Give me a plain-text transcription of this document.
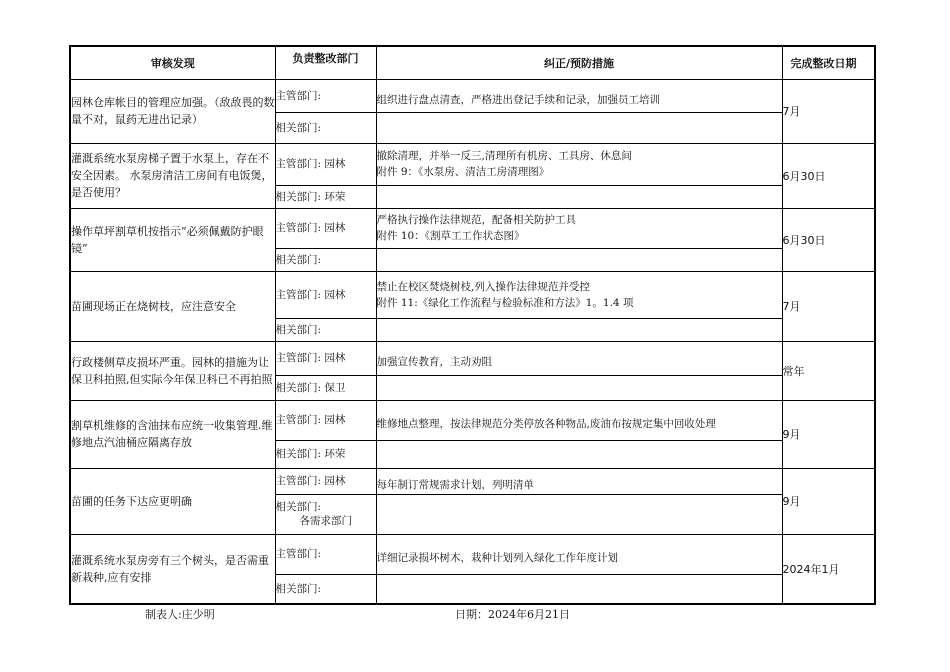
审核发现	负责整改部门	纠正/预防措施	完成整改日期
园林仓库帐目的管理应加强。（敌敌畏的数量不对，鼠药无进出记录）	主管部门:	组织进行盘点清查，严格进出登记手续和记录，加强员工培训	7月

	相关部门:		

灌溉系统水泵房梯子置于水泵上，存在不安全因素。 水泵房清洁工房间有电饭煲，是否使用？	主管部门: 园林	撤除清理，并举一反三,清理所有机房、工具房、休息间
附件 9：《水泵房、清洁工房清理图》	6月30日

	相关部门: 环荣		

操作草坪割草机按指示”必须佩戴防护眼镜”	主管部门: 园林	严格执行操作法律规范，配备相关防护工具
附件 10：《割草工工作状态图》	6月30日

	相关部门:		

苗圃现场正在烧树枝，应注意安全	主管部门: 园林	禁止在校区焚烧树枝,列入操作法律规范并受控
附件 11:《绿化工作流程与检验标准和方法》1。1.4 项	7月

	相关部门:		

行政楼侧草皮损坏严重。园林的措施为让保卫科拍照,但实际今年保卫科已不再拍照	主管部门: 园林	加强宣传教育，主动劝阻	常年

	相关部门: 保卫		

割草机维修的含油抹布应统一收集管理.维修地点汽油桶应隔离存放	主管部门: 园林	维修地点整理，按法律规范分类停放各种物品,废油布按规定集中回收处理	9月

	相关部门: 环荣		

苗圃的任务下达应更明确	主管部门: 园林	每年制订常规需求计划，列明清单	9月

	相关部门:
各需求部门		

灌溉系统水泵房旁有三个树头，是否需重新栽种,应有安排	主管部门:	详细记录损坏树木，栽种计划列入绿化工作年度计划	2024年1月

	相关部门:		

制表人:庄少明	日期：2024年6月21日
